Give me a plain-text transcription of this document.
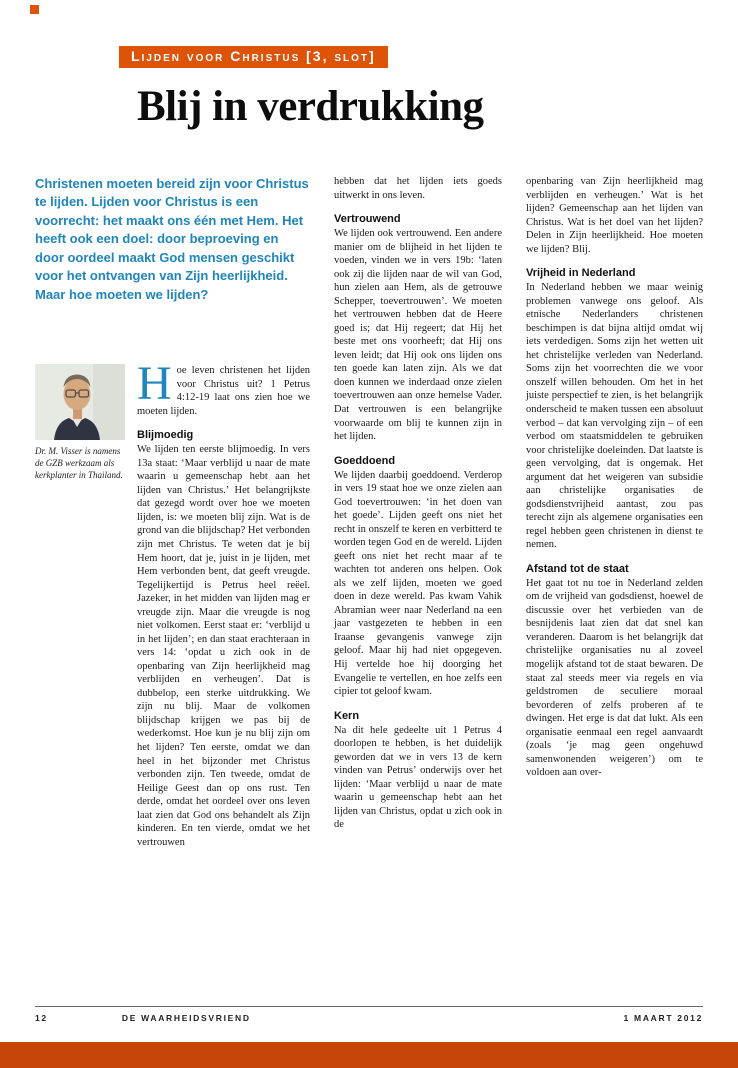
Lijden voor Christus [3, slot]
Blij in verdrukking

Christenen moeten bereid zijn voor Christus te lijden. Lijden voor Christus is een voorrecht: het maakt ons één met Hem. Het heeft ook een doel: door beproeving en door oordeel maakt God mensen geschikt voor het ontvangen van Zijn heerlijkheid. Maar hoe moeten we lijden?

Dr. M. Visser is namens de GZB werkzaam als kerkplanter in Thailand.

Hoe leven christenen het lijden voor Christus uit? 1 Petrus 4:12-19 laat ons zien hoe we moeten lijden.

Blijmoedig

We lijden ten eerste blijmoedig. In vers 13a staat: ‘Maar verblijd u naar de mate waarin u gemeenschap hebt aan het lijden van Christus.’ Het belangrijkste dat gezegd wordt over hoe we moeten lijden, is: we moeten blij zijn. Wat is de grond van die blijdschap? Het verbonden zijn met Christus. Te weten dat je bij Hem hoort, dat je, juist in je lijden, met Hem verbonden bent, dat geeft vreugde. Tegelijkertijd is Petrus heel reëel. Jazeker, in het midden van lijden mag er vreugde zijn. Maar die vreugde is nog niet volkomen. Eerst staat er: ‘verblijd u in het lijden’; en dan staat erachteraan in vers 14: ‘opdat u zich ook in de openbaring van Zijn heerlijkheid mag verblijden en verheugen’. Dat is dubbelop, een sterke uitdrukking. We zijn nu blij. Maar de volkomen blijdschap krijgen we pas bij de wederkomst. Hoe kun je nu blij zijn om het lijden? Ten eerste, omdat we dan heel in het bijzonder met Christus verbonden zijn. Ten tweede, omdat de Heilige Geest dan op ons rust. Ten derde, omdat het oordeel over ons leven laat zien dat God ons behandelt als Zijn kinderen. En ten vierde, omdat we het vertrouwen

hebben dat het lijden iets goeds uitwerkt in ons leven.

Vertrouwend

We lijden ook vertrouwend. Een andere manier om de blijheid in het lijden te voeden, vinden we in vers 19b: ‘laten ook zij die lijden naar de wil van God, hun zielen aan Hem, als de getrouwe Schepper, toevertrouwen’. We moeten het vertrouwen hebben dat de Heere goed is; dat Hij regeert; dat Hij het beste met ons voorheeft; dat Hij ons leven leidt; dat Hij ook ons lijden ons ten goede kan laten zijn. Als we dat doen kunnen we inderdaad onze zielen toevertrouwen aan onze hemelse Vader. Dat vertrouwen is een belangrijke voorwaarde om blij te kunnen zijn in het lijden.

Goeddoend

We lijden daarbij goeddoend. Verderop in vers 19 staat hoe we onze zielen aan God toevertrouwen: ‘in het doen van het goede’. Lijden geeft ons niet het recht in onszelf te keren en verbitterd te worden tegen God en de wereld. Lijden geeft ons niet het recht maar af te wachten tot anderen ons helpen. Ook als we zelf lijden, moeten we goed doen in deze wereld. Pas kwam Vahik Abramian weer naar Nederland na een jaar vastgezeten te hebben in een Iraanse gevangenis vanwege zijn geloof. Maar hij had niet opgegeven. Hij vertelde hoe hij doorging het Evangelie te vertellen, en hoe zelfs een cipier tot geloof kwam.

Kern

Na dit hele gedeelte uit 1 Petrus 4 doorlopen te hebben, is het duidelijk geworden dat we in vers 13 de kern vinden van Petrus’ onderwijs over het lijden: ‘Maar verblijd u naar de mate waarin u gemeenschap hebt aan het lijden van Christus, opdat u zich ook in de

openbaring van Zijn heerlijkheid mag verblijden en verheugen.’ Wat is het lijden? Gemeenschap aan het lijden van Christus. Wat is het doel van het lijden? Delen in Zijn heerlijkheid. Hoe moeten we lijden? Blij.

Vrijheid in Nederland

In Nederland hebben we maar weinig problemen vanwege ons geloof. Als etnische Nederlanders christenen beschimpen is dat bijna altijd omdat wij iets verdedigen. Soms zijn het wetten uit het christelijke verleden van Nederland. Soms zijn het voorrechten die we voor onszelf willen behouden. Om het in het juiste perspectief te zien, is het belangrijk onderscheid te maken tussen een absoluut verbod – dat kan vervolging zijn – of een verbod om staatsmiddelen te gebruiken voor christelijke doeleinden. Dat laatste is geen vervolging, dat is ongemak. Het argument dat het weigeren van subsidie aan christelijke organisaties de godsdienstvrijheid aantast, zou pas terecht zijn als algemene organisaties een regel hebben geen christenen in dienst te nemen.

Afstand tot de staat

Het gaat tot nu toe in Nederland zelden om de vrijheid van godsdienst, hoewel de discussie over het verbieden van de besnijdenis laat zien dat dat snel kan veranderen. Daarom is het belangrijk dat christelijke organisaties nu al zoveel mogelijk afstand tot de staat bewaren. De staat zal steeds meer via regels en via geldstromen de seculiere moraal bevorderen of zelfs proberen af te dwingen. Het erge is dat dat lukt. Als een organisatie eenmaal een regel aanvaardt (zoals ‘je mag geen ongehuwd samenwonenden weigeren’) om te voldoen aan over-

12	DE WAARHEIDSVRIEND	1 MAART 2012
